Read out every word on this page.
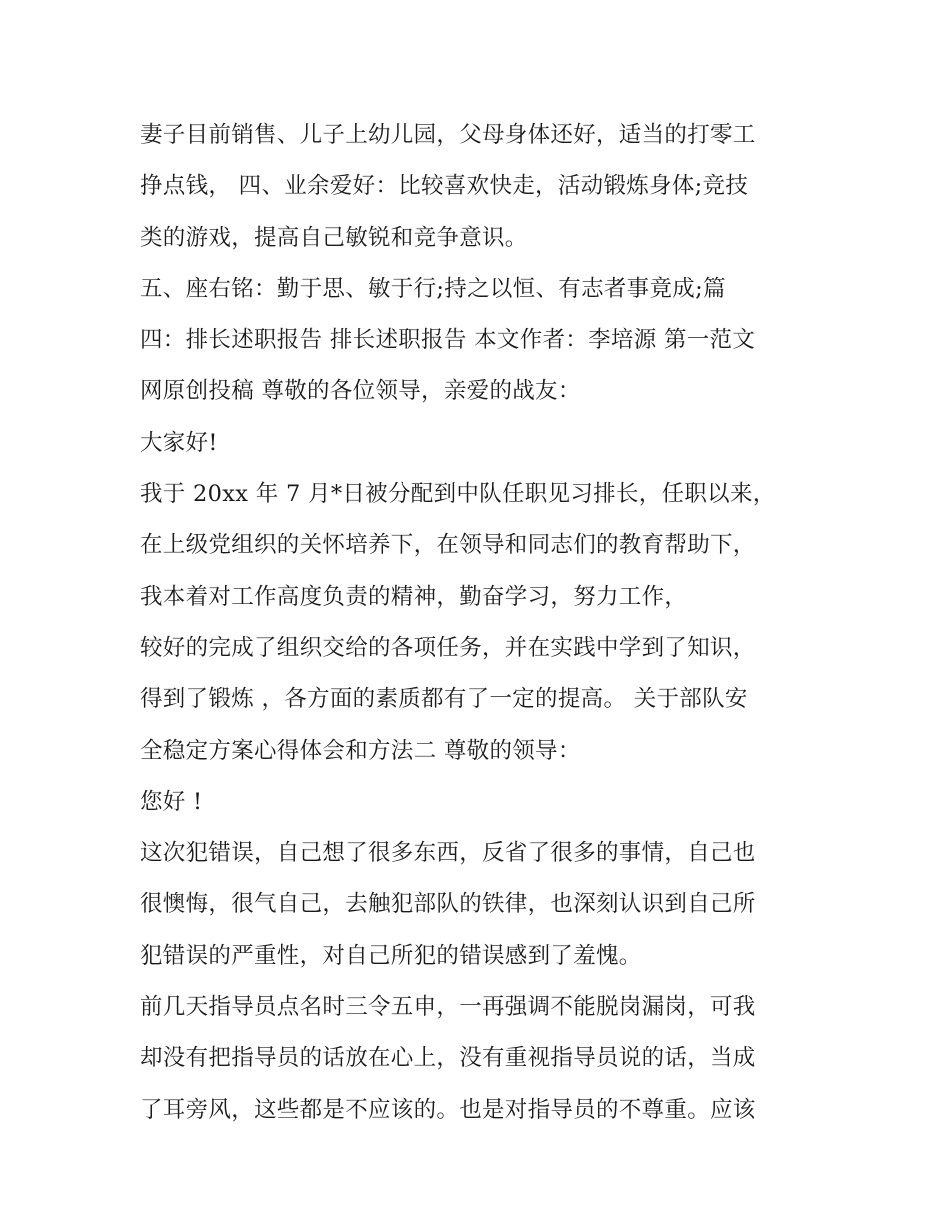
妻子目前销售、儿子上幼儿园，父母身体还好，适当的打零工
挣点钱， 四、业余爱好：比较喜欢快走，活动锻炼身体;竞技
类的游戏，提高自己敏锐和竞争意识。
五、座右铭：勤于思、敏于行;持之以恒、有志者事竟成;篇
四：排长述职报告 排长述职报告 本文作者：李培源 第一范文
网原创投稿 尊敬的各位领导，亲爱的战友：
大家好!
我于 20xx 年 7 月*日被分配到中队任职见习排长，任职以来，
在上级党组织的关怀培养下，在领导和同志们的教育帮助下，
我本着对工作高度负责的精神，勤奋学习，努力工作，
较好的完成了组织交给的各项任务，并在实践中学到了知识，
得到了锻炼 ，各方面的素质都有了一定的提高。 关于部队安
全稳定方案心得体会和方法二 尊敬的领导：
您好 !
这次犯错误，自己想了很多东西，反省了很多的事情，自己也
很懊悔，很气自己，去触犯部队的铁律，也深刻认识到自己所
犯错误的严重性，对自己所犯的错误感到了羞愧。
前几天指导员点名时三令五申，一再强调不能脱岗漏岗，可我
却没有把指导员的话放在心上，没有重视指导员说的话，当成
了耳旁风，这些都是不应该的。也是对指导员的不尊重。应该
